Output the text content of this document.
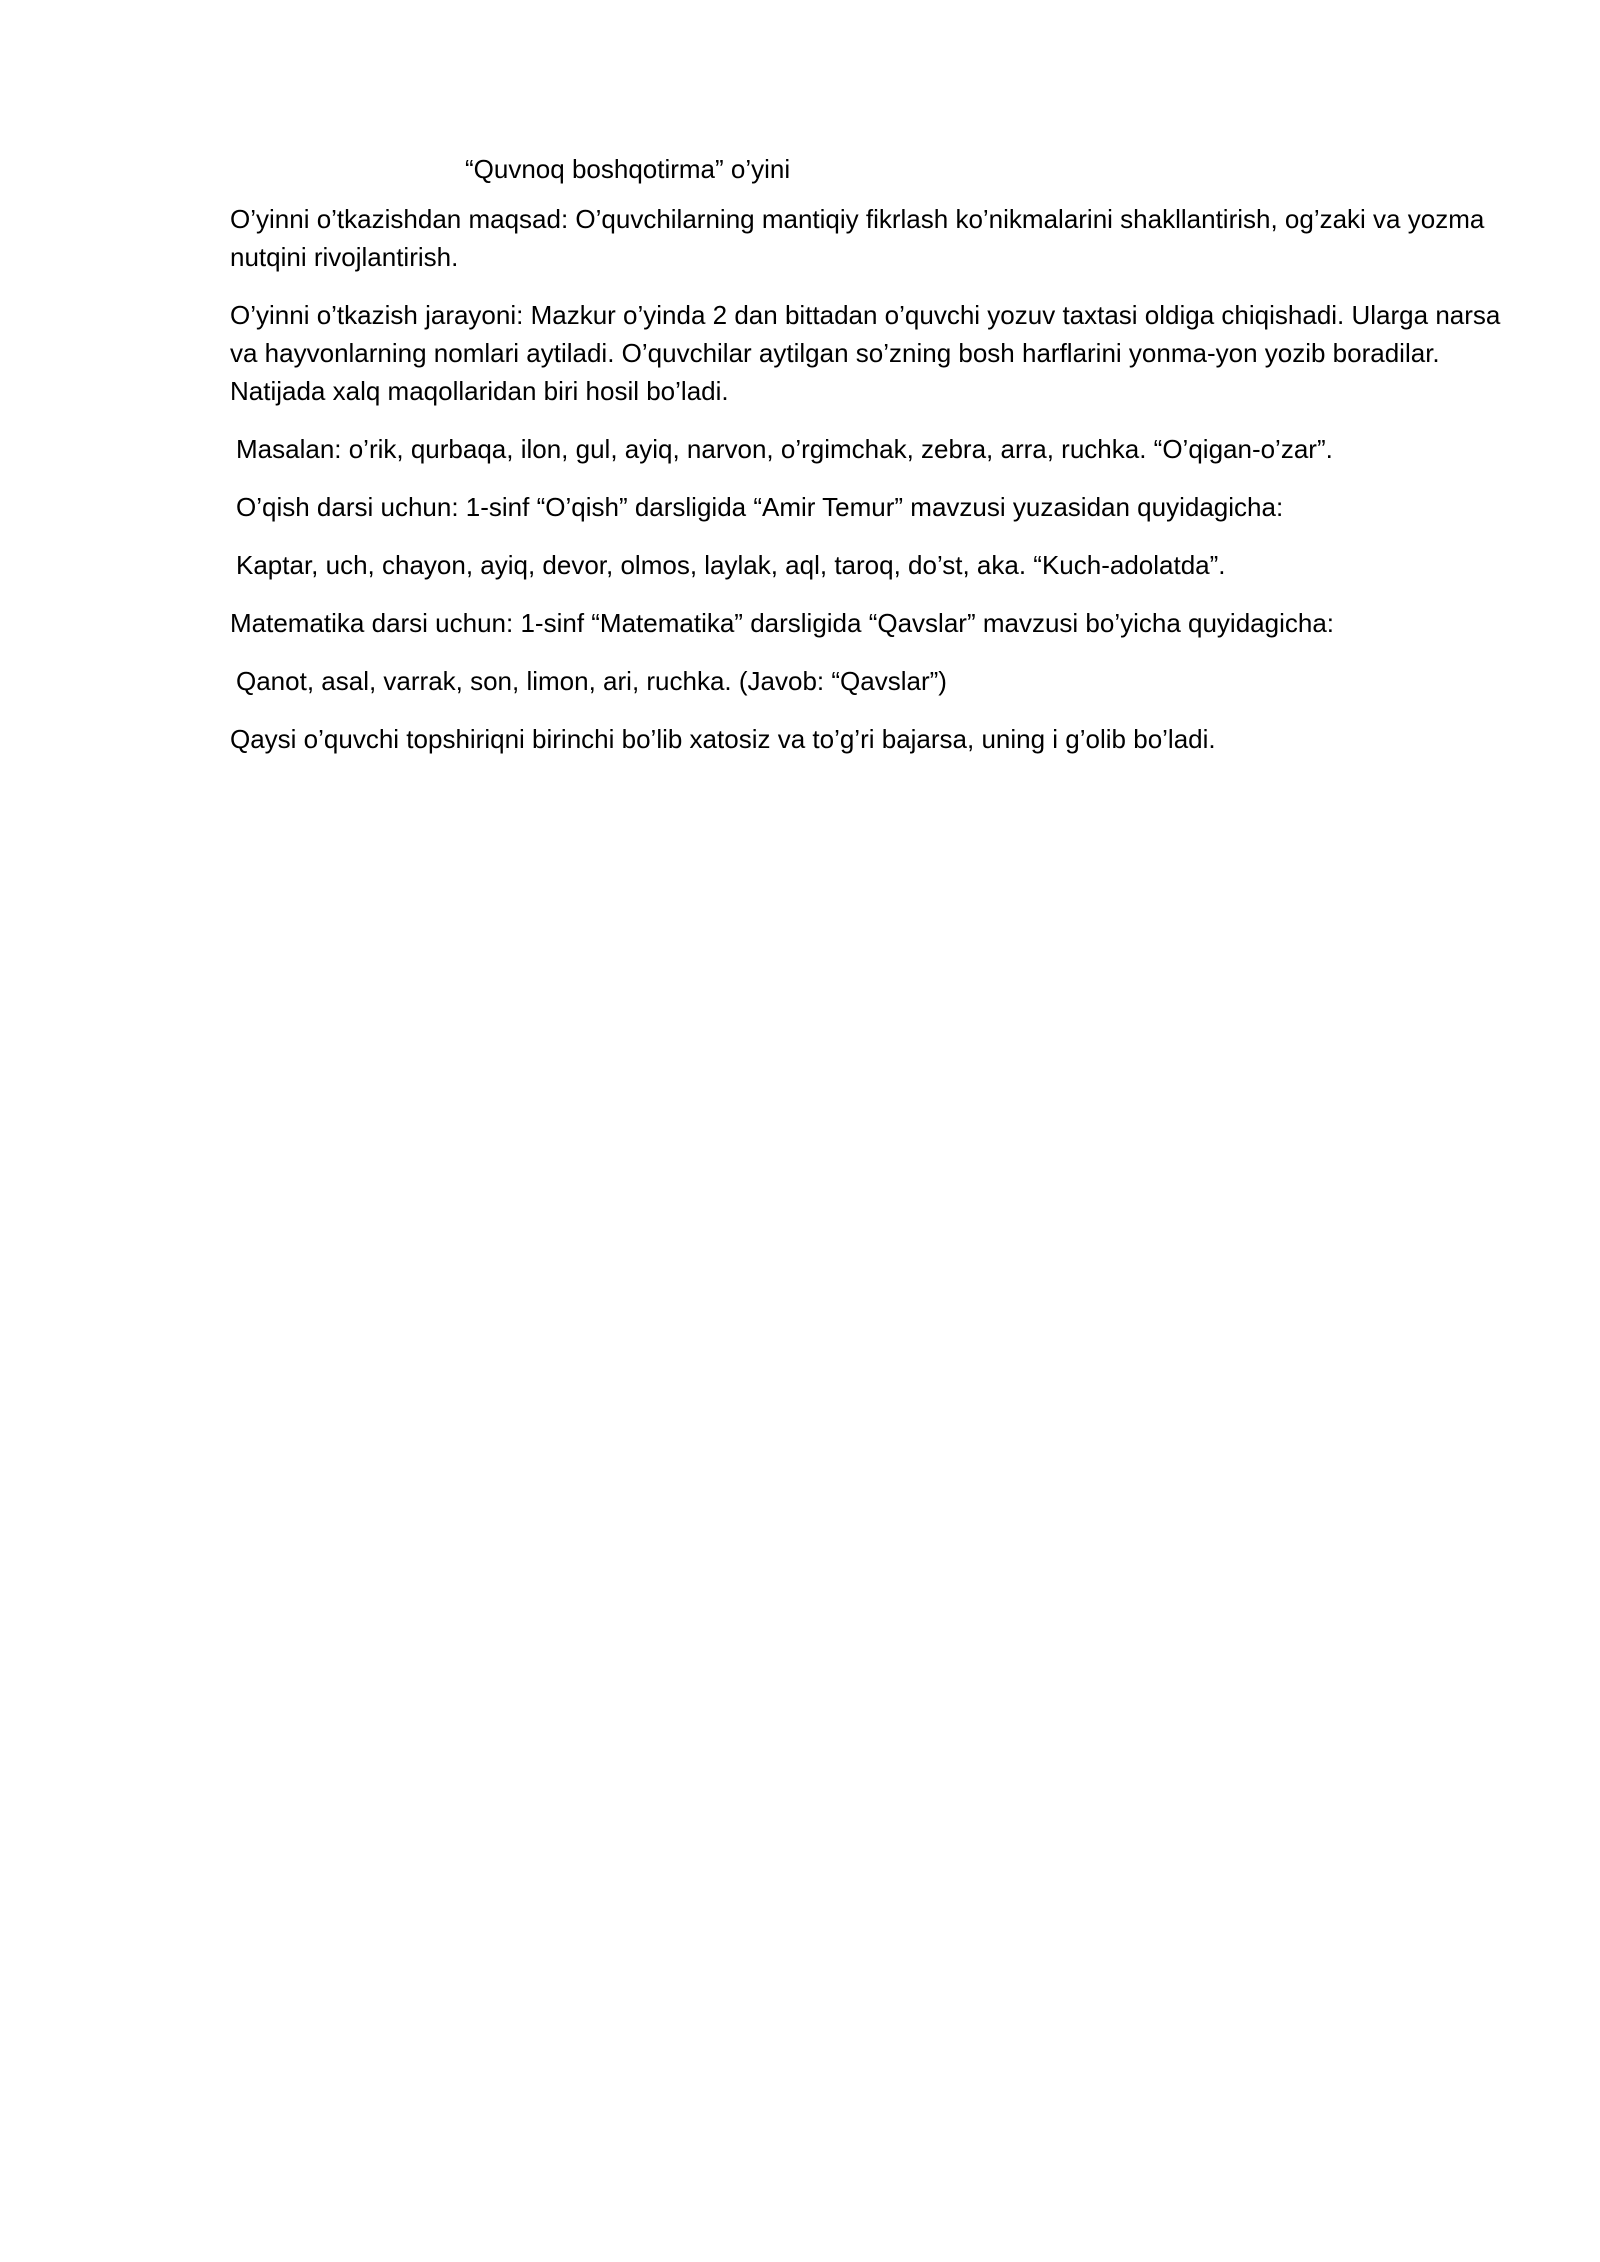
“Quvnoq boshqotirma” o’yini

O’yinni o’tkazishdan maqsad: O’quvchilarning mantiqiy fikrlash ko’nikmalarini shakllantirish, og’zaki va yozma nutqini rivojlantirish.

O’yinni o’tkazish jarayoni: Mazkur o’yinda 2 dan bittadan o’quvchi yozuv taxtasi oldiga chiqishadi. Ularga narsa va hayvonlarning nomlari aytiladi. O’quvchilar aytilgan so’zning bosh harflarini yonma-yon yozib boradilar. Natijada xalq maqollaridan biri hosil bo’ladi.

Masalan: o’rik, qurbaqa, ilon, gul, ayiq, narvon, o’rgimchak, zebra, arra, ruchka. “O’qigan-o’zar”.

O’qish darsi uchun: 1-sinf “O’qish” darsligida “Amir Temur” mavzusi yuzasidan quyidagicha:

Kaptar, uch, chayon, ayiq, devor, olmos, laylak, aql, taroq, do’st, aka. “Kuch-adolatda”.

Matematika darsi uchun: 1-sinf “Matematika” darsligida “Qavslar” mavzusi bo’yicha quyidagicha:

Qanot, asal, varrak, son, limon, ari, ruchka. (Javob: “Qavslar”)

Qaysi o’quvchi topshiriqni birinchi bo’lib xatosiz va to’g’ri bajarsa, uning i g’olib bo’ladi.
